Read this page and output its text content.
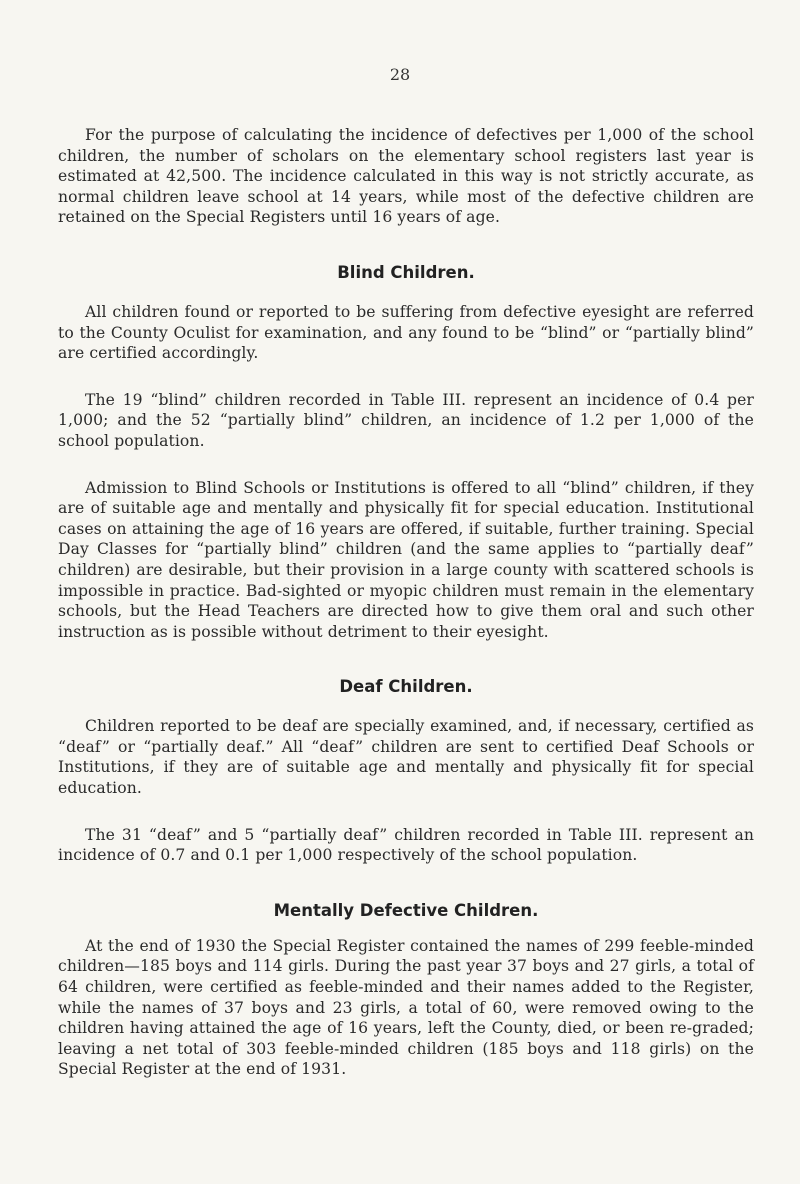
28

For the purpose of calculating the incidence of defectives per 1,000 of the school children, the number of scholars on the elementary school registers last year is estimated at 42,500. The incidence calculated in this way is not strictly accurate, as normal children leave school at 14 years, while most of the defective children are retained on the Special Registers until 16 years of age.

Blind Children.

All children found or reported to be suffering from defective eyesight are referred to the County Oculist for examination, and any found to be “blind” or “partially blind” are certified accordingly.

The 19 “blind” children recorded in Table III. represent an incidence of 0.4 per 1,000; and the 52 “partially blind” children, an incidence of 1.2 per 1,000 of the school population.

Admission to Blind Schools or Institutions is offered to all “blind” children, if they are of suitable age and mentally and physically fit for special education. Institutional cases on attaining the age of 16 years are offered, if suitable, further training. Special Day Classes for “partially blind” children (and the same applies to “partially deaf” children) are desirable, but their provision in a large county with scattered schools is impossible in practice. Bad-sighted or myopic children must remain in the elementary schools, but the Head Teachers are directed how to give them oral and such other instruction as is possible without detriment to their eyesight.

Deaf Children.

Children reported to be deaf are specially examined, and, if necessary, certified as “deaf” or “partially deaf.” All “deaf” children are sent to certified Deaf Schools or Institutions, if they are of suitable age and mentally and physically fit for special education.

The 31 “deaf” and 5 “partially deaf” children recorded in Table III. represent an incidence of 0.7 and 0.1 per 1,000 respectively of the school population.

Mentally Defective Children.

At the end of 1930 the Special Register contained the names of 299 feeble-minded children—185 boys and 114 girls. During the past year 37 boys and 27 girls, a total of 64 children, were certified as feeble-minded and their names added to the Register, while the names of 37 boys and 23 girls, a total of 60, were removed owing to the children having attained the age of 16 years, left the County, died, or been re-graded; leaving a net total of 303 feeble-minded children (185 boys and 118 girls) on the Special Register at the end of 1931.
